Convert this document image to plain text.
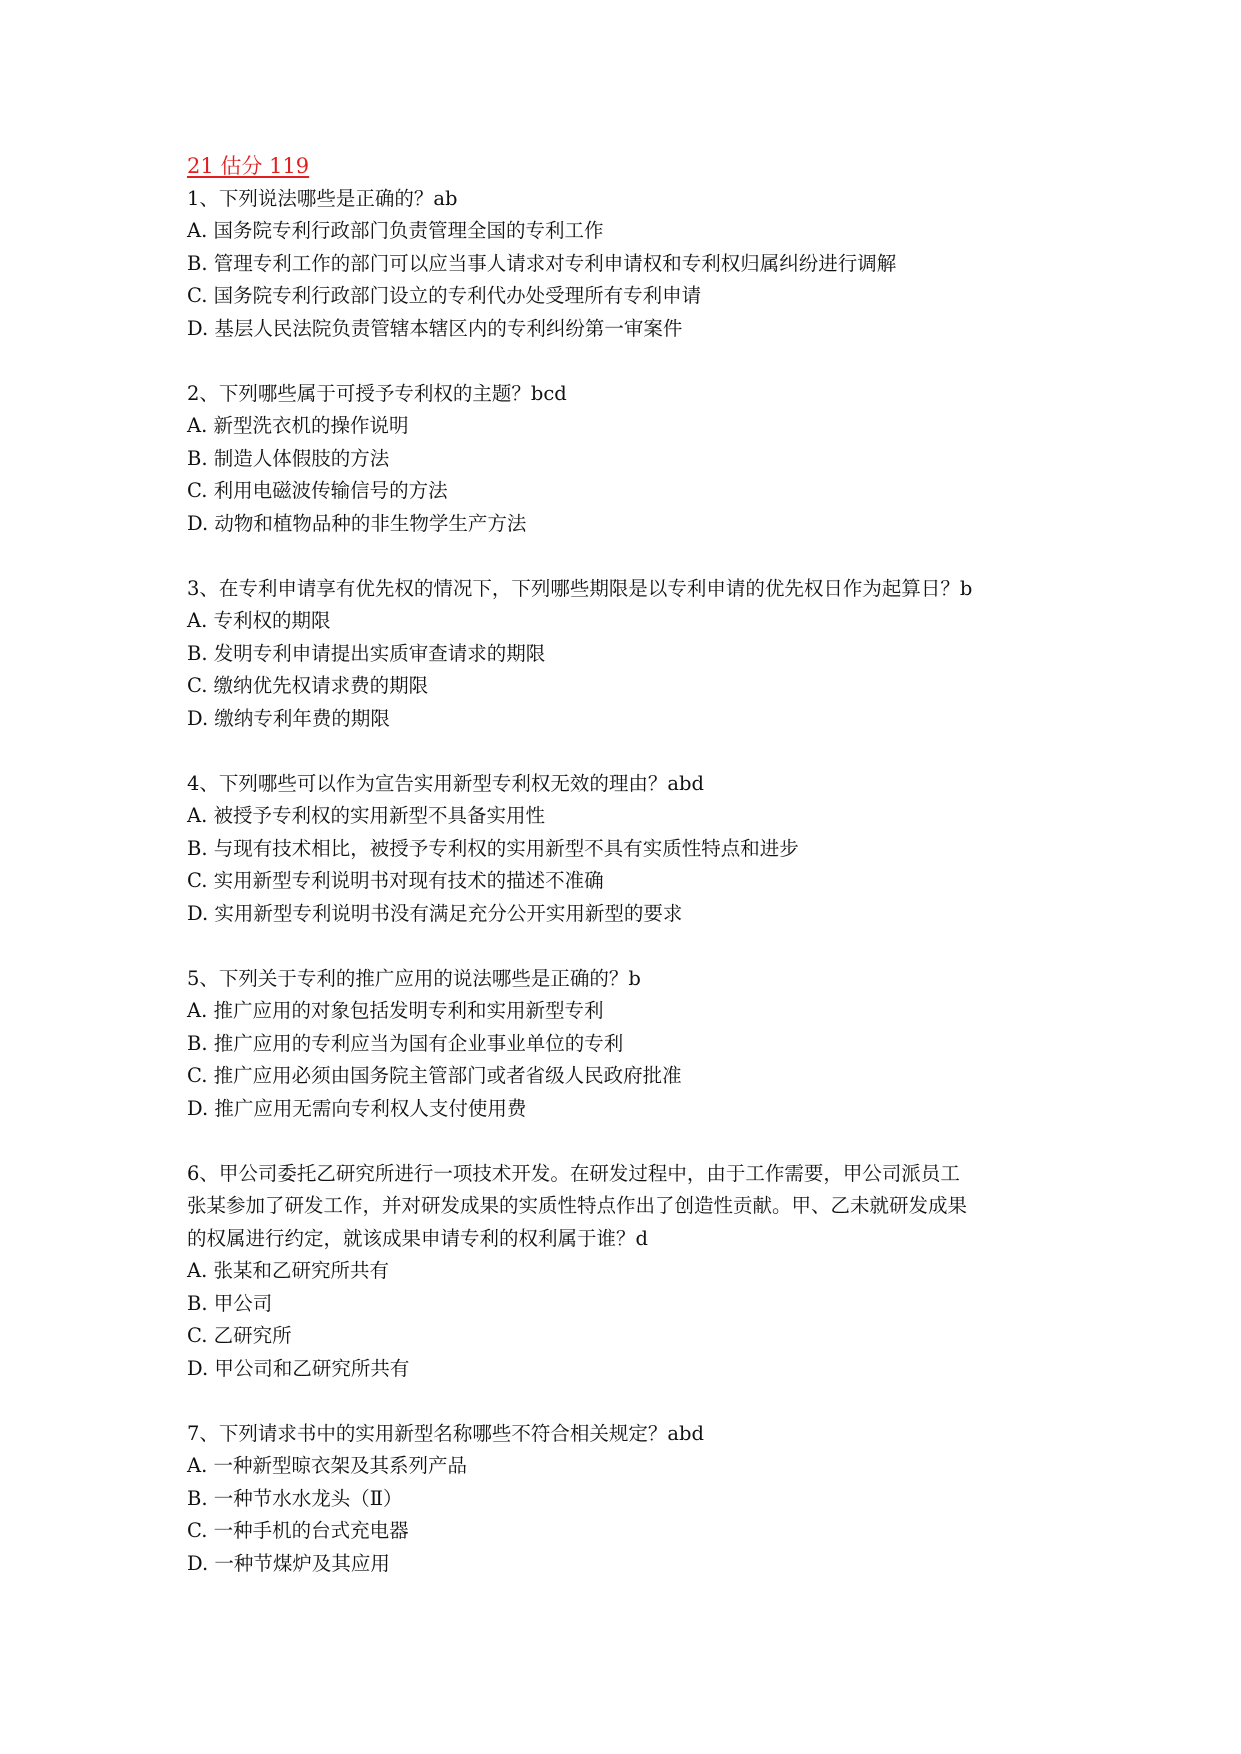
21 估分 119
1、下列说法哪些是正确的？ab
A. 国务院专利行政部门负责管理全国的专利工作
B. 管理专利工作的部门可以应当事人请求对专利申请权和专利权归属纠纷进行调解
C. 国务院专利行政部门设立的专利代办处受理所有专利申请
D. 基层人民法院负责管辖本辖区内的专利纠纷第一审案件
2、下列哪些属于可授予专利权的主题？bcd
A. 新型洗衣机的操作说明
B. 制造人体假肢的方法
C. 利用电磁波传输信号的方法
D. 动物和植物品种的非生物学生产方法
3、在专利申请享有优先权的情况下，下列哪些期限是以专利申请的优先权日作为起算日？b
A. 专利权的期限
B. 发明专利申请提出实质审查请求的期限
C. 缴纳优先权请求费的期限
D. 缴纳专利年费的期限
4、下列哪些可以作为宣告实用新型专利权无效的理由？abd
A. 被授予专利权的实用新型不具备实用性
B. 与现有技术相比，被授予专利权的实用新型不具有实质性特点和进步
C. 实用新型专利说明书对现有技术的描述不准确
D. 实用新型专利说明书没有满足充分公开实用新型的要求
5、下列关于专利的推广应用的说法哪些是正确的？b
A. 推广应用的对象包括发明专利和实用新型专利
B. 推广应用的专利应当为国有企业事业单位的专利
C. 推广应用必须由国务院主管部门或者省级人民政府批准
D. 推广应用无需向专利权人支付使用费
6、甲公司委托乙研究所进行一项技术开发。在研发过程中，由于工作需要，甲公司派员工
张某参加了研发工作，并对研发成果的实质性特点作出了创造性贡献。甲、乙未就研发成果
的权属进行约定，就该成果申请专利的权利属于谁？d
A. 张某和乙研究所共有
B. 甲公司
C. 乙研究所
D. 甲公司和乙研究所共有
7、下列请求书中的实用新型名称哪些不符合相关规定？abd
A. 一种新型晾衣架及其系列产品
B. 一种节水水龙头（Ⅱ）
C. 一种手机的台式充电器
D. 一种节煤炉及其应用
